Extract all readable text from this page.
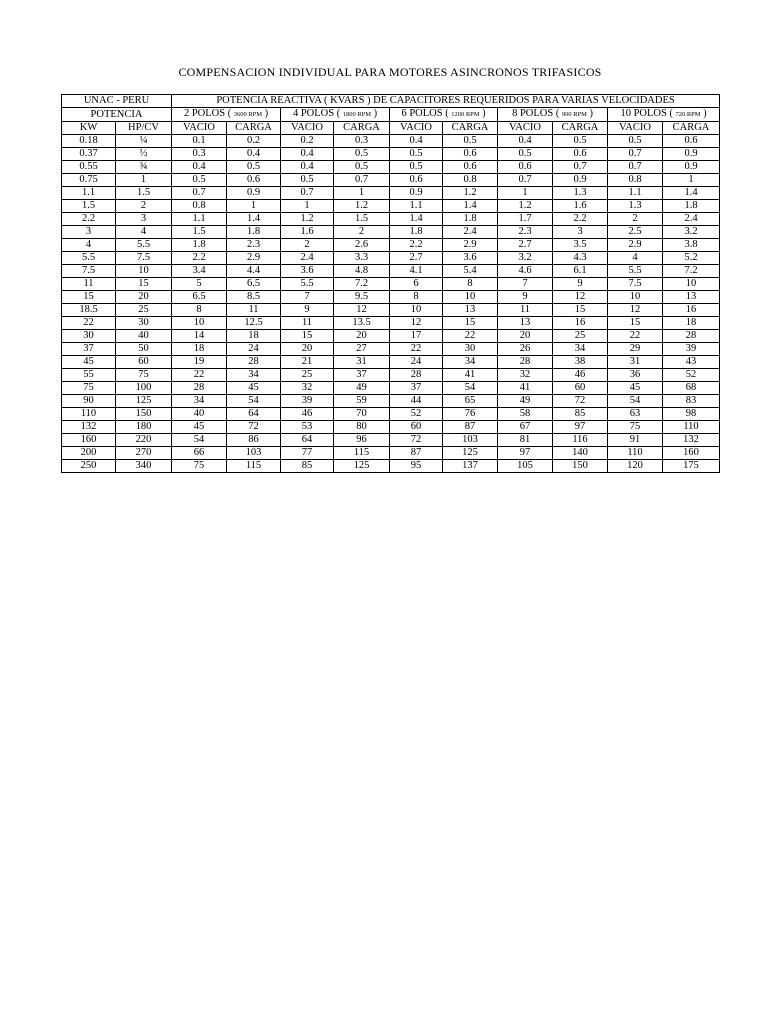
COMPENSACION INDIVIDUAL PARA MOTORES ASINCRONOS TRIFASICOS
UNAC - PERU		POTENCIA REACTIVA ( KVARS ) DE CAPACITORES REQUERIDOS PARA VARIAS VELOCIDADES									
POTENCIA		2 POLOS ( 3600 RPM )		4 POLOS ( 1800 RPM )		6 POLOS ( 1200 RPM )		8 POLOS ( 900 RPM )		10 POLOS ( 720 RPM )	
KW	HP/CV	VACIO	CARGA	VACIO	CARGA	VACIO	CARGA	VACIO	CARGA	VACIO	CARGA
0.18	¼	0.1	0.2	0.2	0.3	0.4	0.5	0.4	0.5	0.5	0.6
0.37	½	0.3	0.4	0.4	0.5	0.5	0.6	0.5	0.6	0.7	0.9
0.55	¾	0.4	0.5	0.4	0.5	0.5	0.6	0.6	0.7	0.7	0.9
0.75	1	0.5	0.6	0.5	0.7	0.6	0.8	0.7	0.9	0.8	1
1.1	1.5	0.7	0.9	0.7	1	0.9	1.2	1	1.3	1.1	1.4
1.5	2	0.8	1	1	1.2	1.1	1.4	1.2	1.6	1.3	1.8
2.2	3	1.1	1.4	1.2	1.5	1.4	1.8	1.7	2.2	2	2.4
3	4	1.5	1.8	1.6	2	1.8	2.4	2.3	3	2.5	3.2
4	5.5	1.8	2.3	2	2.6	2.2	2.9	2.7	3.5	2.9	3.8
5.5	7.5	2.2	2.9	2.4	3.3	2.7	3.6	3.2	4.3	4	5.2
7.5	10	3.4	4.4	3.6	4.8	4.1	5.4	4.6	6.1	5.5	7.2
11	15	5	6.5	5.5	7.2	6	8	7	9	7.5	10
15	20	6.5	8.5	7	9.5	8	10	9	12	10	13
18.5	25	8	11	9	12	10	13	11	15	12	16
22	30	10	12.5	11	13.5	12	15	13	16	15	18
30	40	14	18	15	20	17	22	20	25	22	28
37	50	18	24	20	27	22	30	26	34	29	39
45	60	19	28	21	31	24	34	28	38	31	43
55	75	22	34	25	37	28	41	32	46	36	52
75	100	28	45	32	49	37	54	41	60	45	68
90	125	34	54	39	59	44	65	49	72	54	83
110	150	40	64	46	70	52	76	58	85	63	98
132	180	45	72	53	80	60	87	67	97	75	110
160	220	54	86	64	96	72	103	81	116	91	132
200	270	66	103	77	115	87	125	97	140	110	160
250	340	75	115	85	125	95	137	105	150	120	175
